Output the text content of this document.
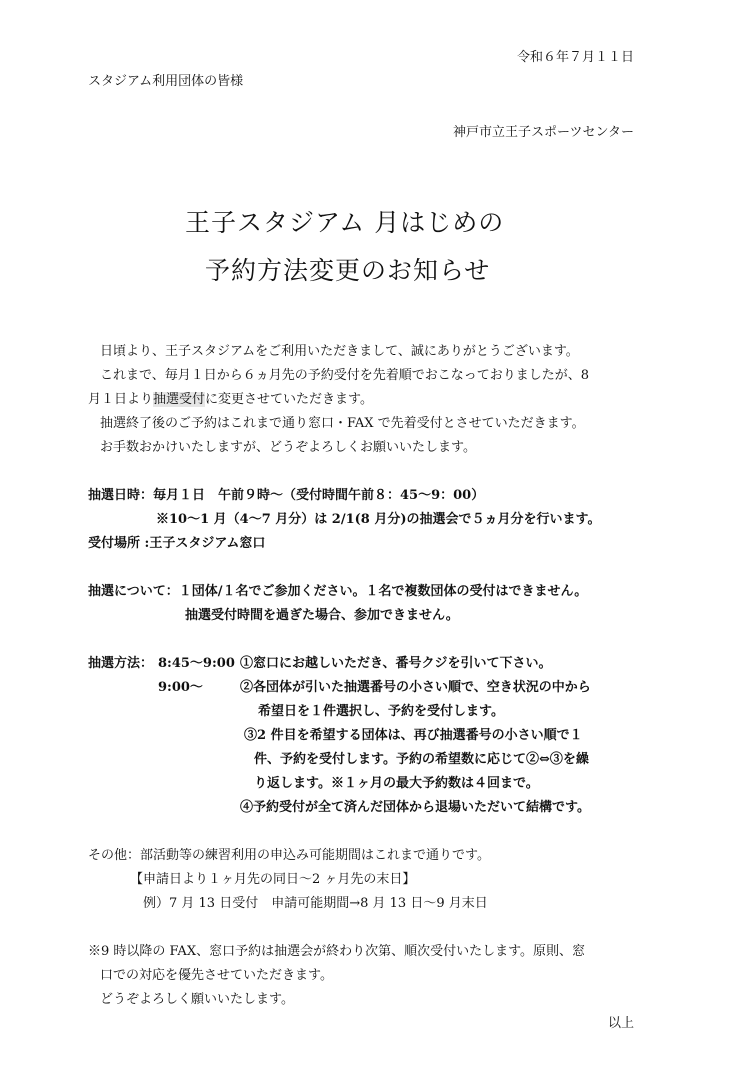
令和６年７月１１日
スタジアム利用団体の皆様
神戸市立王子スポーツセンター
王子スタジアム 月はじめの
予約方法変更のお知らせ
日頃より、王子スタジアムをご利用いただきまして、誠にありがとうございます。
これまで、毎月１日から６ヵ月先の予約受付を先着順でおこなっておりましたが、8
月１日より抽選受付に変更させていただきます。
抽選終了後のご予約はこれまで通り窓口・FAX で先着受付とさせていただきます。
お手数おかけいたしますが、どうぞよろしくお願いいたします。
抽選日時：毎月１日　午前９時～（受付時間午前８：45～9：00）
※10～1 月（4～7 月分）は 2/1(8 月分)の抽選会で５ヵ月分を行います。
受付場所 :王子スタジアム窓口
抽選について：１団体/１名でご参加ください。１名で複数団体の受付はできません。
抽選受付時間を過ぎた場合、参加できません。
抽選方法： 8:45～9:00 ①窓口にお越しいただき、番号クジを引いて下さい。
9:00～	②各団体が引いた抽選番号の小さい順で、空き状況の中から
希望日を１件選択し、予約を受付します。
③2 件目を希望する団体は、再び抽選番号の小さい順で１
件、予約を受付します。予約の希望数に応じて②⇔③を繰
り返します。※１ヶ月の最大予約数は４回まで。
④予約受付が全て済んだ団体から退場いただいて結構です。
その他：部活動等の練習利用の申込み可能期間はこれまで通りです。
【申請日より１ヶ月先の同日～2 ヶ月先の末日】
例）7 月 13 日受付　申請可能期間→8 月 13 日～9 月末日
※9 時以降の FAX、窓口予約は抽選会が終わり次第、順次受付いたします。原則、窓
口での対応を優先させていただきます。
どうぞよろしく願いいたします。
以上
